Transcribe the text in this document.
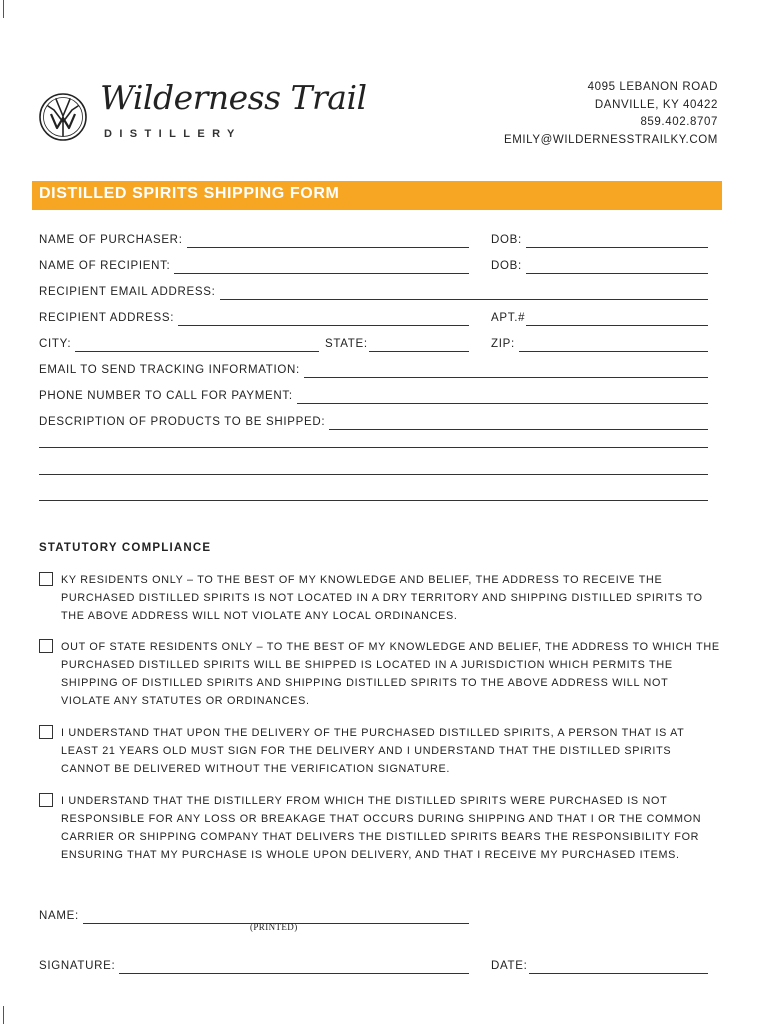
Wilderness Trail
DISTILLERY
4095 LEBANON ROAD
DANVILLE, KY 40422
859.402.8707
EMILY@WILDERNESSTRAILKY.COM
DISTILLED SPIRITS SHIPPING FORM
NAME OF PURCHASER:	DOB:
NAME OF RECIPIENT:	DOB:
RECIPIENT EMAIL ADDRESS:
RECIPIENT ADDRESS:	APT.#
CITY:	STATE:	ZIP:
EMAIL TO SEND TRACKING INFORMATION:
PHONE NUMBER TO CALL FOR PAYMENT:
DESCRIPTION OF PRODUCTS TO BE SHIPPED:
STATUTORY COMPLIANCE
KY RESIDENTS ONLY – TO THE BEST OF MY KNOWLEDGE AND BELIEF, THE ADDRESS TO RECEIVE THE PURCHASED DISTILLED SPIRITS IS NOT LOCATED IN A DRY TERRITORY AND SHIPPING DISTILLED SPIRITS TO THE ABOVE ADDRESS WILL NOT VIOLATE ANY LOCAL ORDINANCES.
OUT OF STATE RESIDENTS ONLY – TO THE BEST OF MY KNOWLEDGE AND BELIEF, THE ADDRESS TO WHICH THE PURCHASED DISTILLED SPIRITS WILL BE SHIPPED IS LOCATED IN A JURISDICTION WHICH PERMITS THE SHIPPING OF DISTILLED SPIRITS AND SHIPPING DISTILLED SPIRITS TO THE ABOVE ADDRESS WILL NOT VIOLATE ANY STATUTES OR ORDINANCES.
I UNDERSTAND THAT UPON THE DELIVERY OF THE PURCHASED DISTILLED SPIRITS, A PERSON THAT IS AT LEAST 21 YEARS OLD MUST SIGN FOR THE DELIVERY AND I UNDERSTAND THAT THE DISTILLED SPIRITS CANNOT BE DELIVERED WITHOUT THE VERIFICATION SIGNATURE.
I UNDERSTAND THAT THE DISTILLERY FROM WHICH THE DISTILLED SPIRITS WERE PURCHASED IS NOT RESPONSIBLE FOR ANY LOSS OR BREAKAGE THAT OCCURS DURING SHIPPING AND THAT I OR THE COMMON CARRIER OR SHIPPING COMPANY THAT DELIVERS THE DISTILLED SPIRITS BEARS THE RESPONSIBILITY FOR ENSURING THAT MY PURCHASE IS WHOLE UPON DELIVERY, AND THAT I RECEIVE MY PURCHASED ITEMS.
NAME:
(PRINTED)
SIGNATURE:	DATE:
